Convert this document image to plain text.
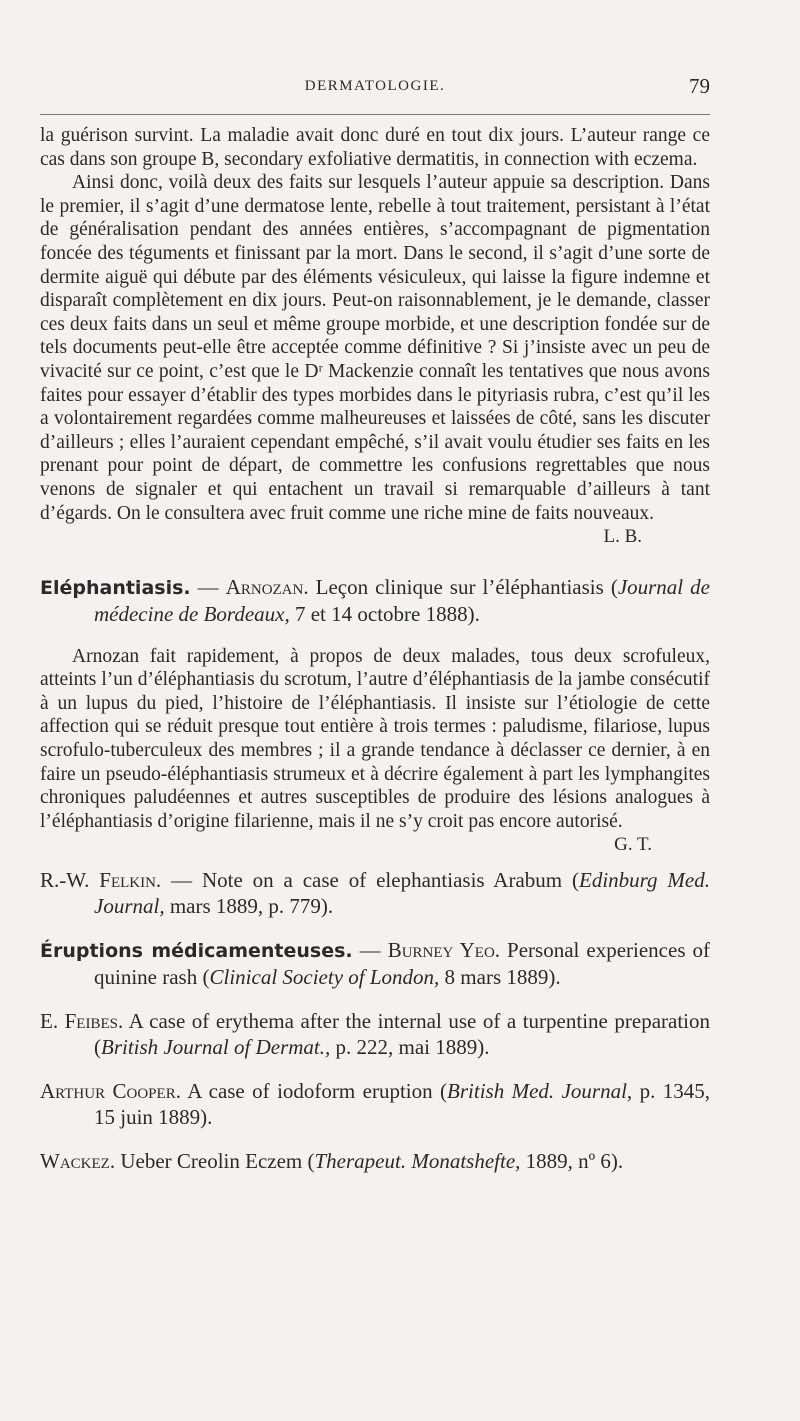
DERMATOLOGIE.	79

la guérison survint. La maladie avait donc duré en tout dix jours. L’auteur range ce cas dans son groupe B, secondary exfoliative dermatitis, in connection with eczema.

Ainsi donc, voilà deux des faits sur lesquels l’auteur appuie sa description. Dans le premier, il s’agit d’une dermatose lente, rebelle à tout traitement, persistant à l’état de généralisation pendant des années entières, s’accompagnant de pigmentation foncée des téguments et finissant par la mort. Dans le second, il s’agit d’une sorte de dermite aiguë qui débute par des éléments vésiculeux, qui laisse la figure indemne et disparaît complètement en dix jours. Peut-on raisonnablement, je le demande, classer ces deux faits dans un seul et même groupe morbide, et une description fondée sur de tels documents peut-elle être acceptée comme définitive ? Si j’insiste avec un peu de vivacité sur ce point, c’est que le Dʳ Mackenzie connaît les tentatives que nous avons faites pour essayer d’établir des types morbides dans le pityriasis rubra, c’est qu’il les a volontairement regardées comme malheureuses et laissées de côté, sans les discuter d’ailleurs ; elles l’auraient cependant empêché, s’il avait voulu étudier ses faits en les prenant pour point de départ, de commettre les confusions regrettables que nous venons de signaler et qui entachent un travail si remarquable d’ailleurs à tant d’égards. On le consultera avec fruit comme une riche mine de faits nouveaux.

L. B.
Eléphantiasis. — Arnozan. Leçon clinique sur l’éléphantiasis (Journal de médecine de Bordeaux, 7 et 14 octobre 1888).

Arnozan fait rapidement, à propos de deux malades, tous deux scrofuleux, atteints l’un d’éléphantiasis du scrotum, l’autre d’éléphantiasis de la jambe consécutif à un lupus du pied, l’histoire de l’éléphantiasis. Il insiste sur l’étiologie de cette affection qui se réduit presque tout entière à trois termes : paludisme, filariose, lupus scrofulo-tuberculeux des membres ; il a grande tendance à déclasser ce dernier, à en faire un pseudo-éléphantiasis strumeux et à décrire également à part les lymphangites chroniques paludéennes et autres susceptibles de produire des lésions analogues à l’éléphantiasis d’origine filarienne, mais il ne s’y croit pas encore autorisé.

G. T.
R.-W. Felkin. — Note on a case of elephantiasis Arabum (Edinburg Med. Journal, mars 1889, p. 779).
Éruptions médicamenteuses. — Burney Yeo. Personal experiences of quinine rash (Clinical Society of London, 8 mars 1889).
E. Feibes. A case of erythema after the internal use of a turpentine preparation (British Journal of Dermat., p. 222, mai 1889).
Arthur Cooper. A case of iodoform eruption (British Med. Journal, p. 1345, 15 juin 1889).
Wackez. Ueber Creolin Eczem (Therapeut. Monatshefte, 1889, nº 6).
